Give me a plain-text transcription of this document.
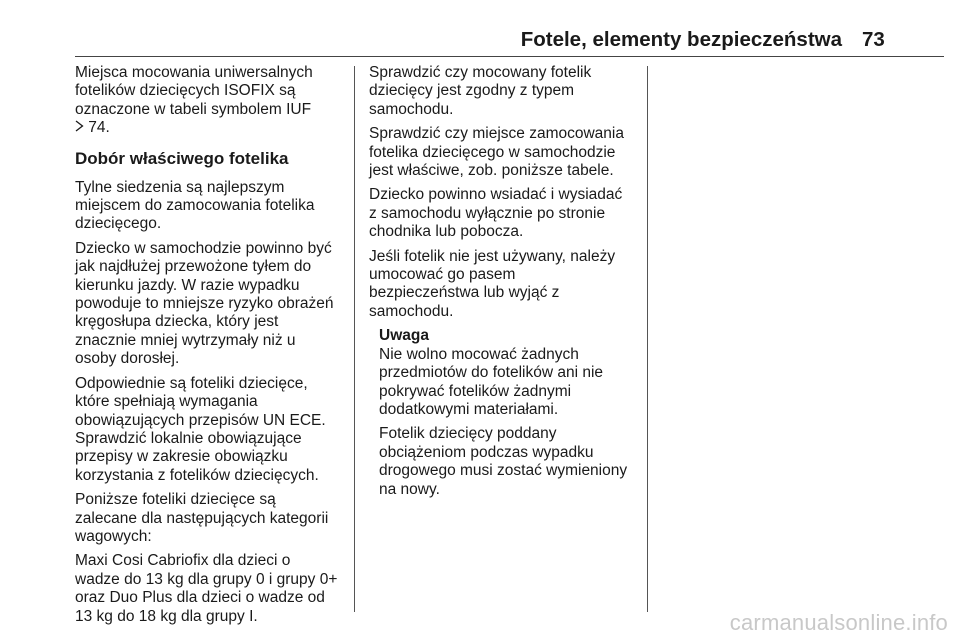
Fotele, elementy bezpieczeństwa 73

Miejsca mocowania uniwersalnych
fotelików dziecięcych ISOFIX są
oznaczone w tabeli symbolem IUF
74.

Dobór właściwego fotelika

Tylne siedzenia są najlepszym
miejscem do zamocowania fotelika
dziecięcego.

Dziecko w samochodzie powinno być
jak najdłużej przewożone tyłem do
kierunku jazdy. W razie wypadku
powoduje to mniejsze ryzyko obrażeń
kręgosłupa dziecka, który jest
znacznie mniej wytrzymały niż u
osoby dorosłej.

Odpowiednie są foteliki dziecięce,
które spełniają wymagania
obowiązujących przepisów UN ECE.
Sprawdzić lokalnie obowiązujące
przepisy w zakresie obowiązku
korzystania z fotelików dziecięcych.

Poniższe foteliki dziecięce są
zalecane dla następujących kategorii
wagowych:

Maxi Cosi Cabriofix dla dzieci o
wadze do 13 kg dla grupy 0 i grupy 0+
oraz Duo Plus dla dzieci o wadze od
13 kg do 18 kg dla grupy I.

Sprawdzić czy mocowany fotelik
dziecięcy jest zgodny z typem
samochodu.

Sprawdzić czy miejsce zamocowania
fotelika dziecięcego w samochodzie
jest właściwe, zob. poniższe tabele.

Dziecko powinno wsiadać i wysiadać
z samochodu wyłącznie po stronie
chodnika lub pobocza.

Jeśli fotelik nie jest używany, należy
umocować go pasem
bezpieczeństwa lub wyjąć z
samochodu.

Uwaga

Nie wolno mocować żadnych
przedmiotów do fotelików ani nie
pokrywać fotelików żadnymi
dodatkowymi materiałami.

Fotelik dziecięcy poddany
obciążeniom podczas wypadku
drogowego musi zostać wymieniony
na nowy.

carmanualsonline.info
